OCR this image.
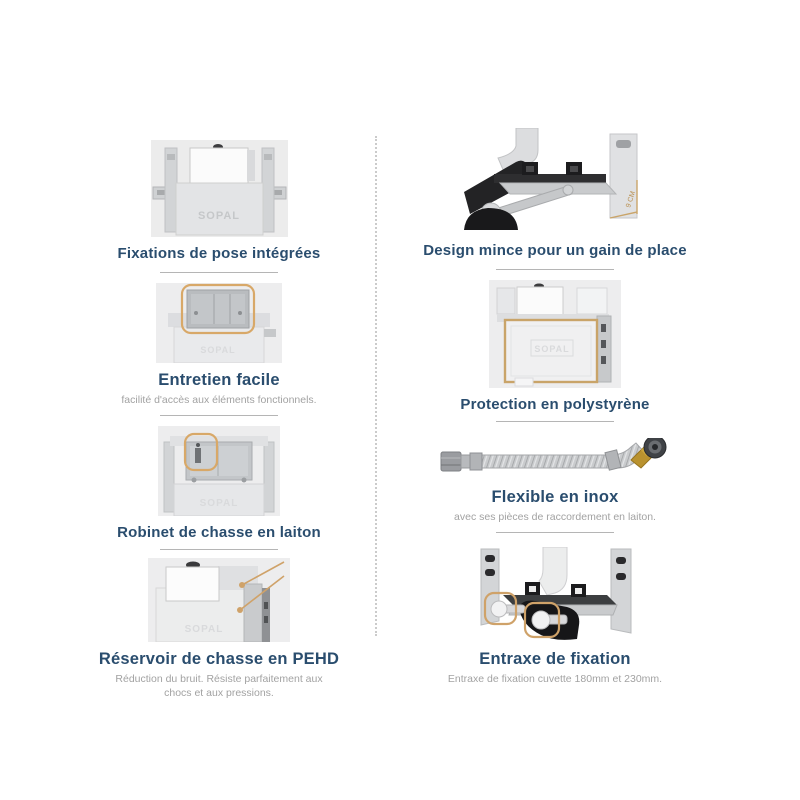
SOPAL
Fixations de pose intégrées
SOPAL
Entretien facile
facilité d'accès aux éléments fonctionnels.
SOPAL
Robinet de chasse en laiton
SOPAL
Réservoir de chasse en PEHD
Réduction du bruit. Résiste parfaitement aux chocs et aux pressions.
9 CM
Design mince pour un gain de place
SOPAL
Protection en polystyrène
Flexible en inox
avec ses pièces de raccordement en laiton.
Entraxe de fixation
Entraxe de fixation cuvette 180mm et 230mm.
